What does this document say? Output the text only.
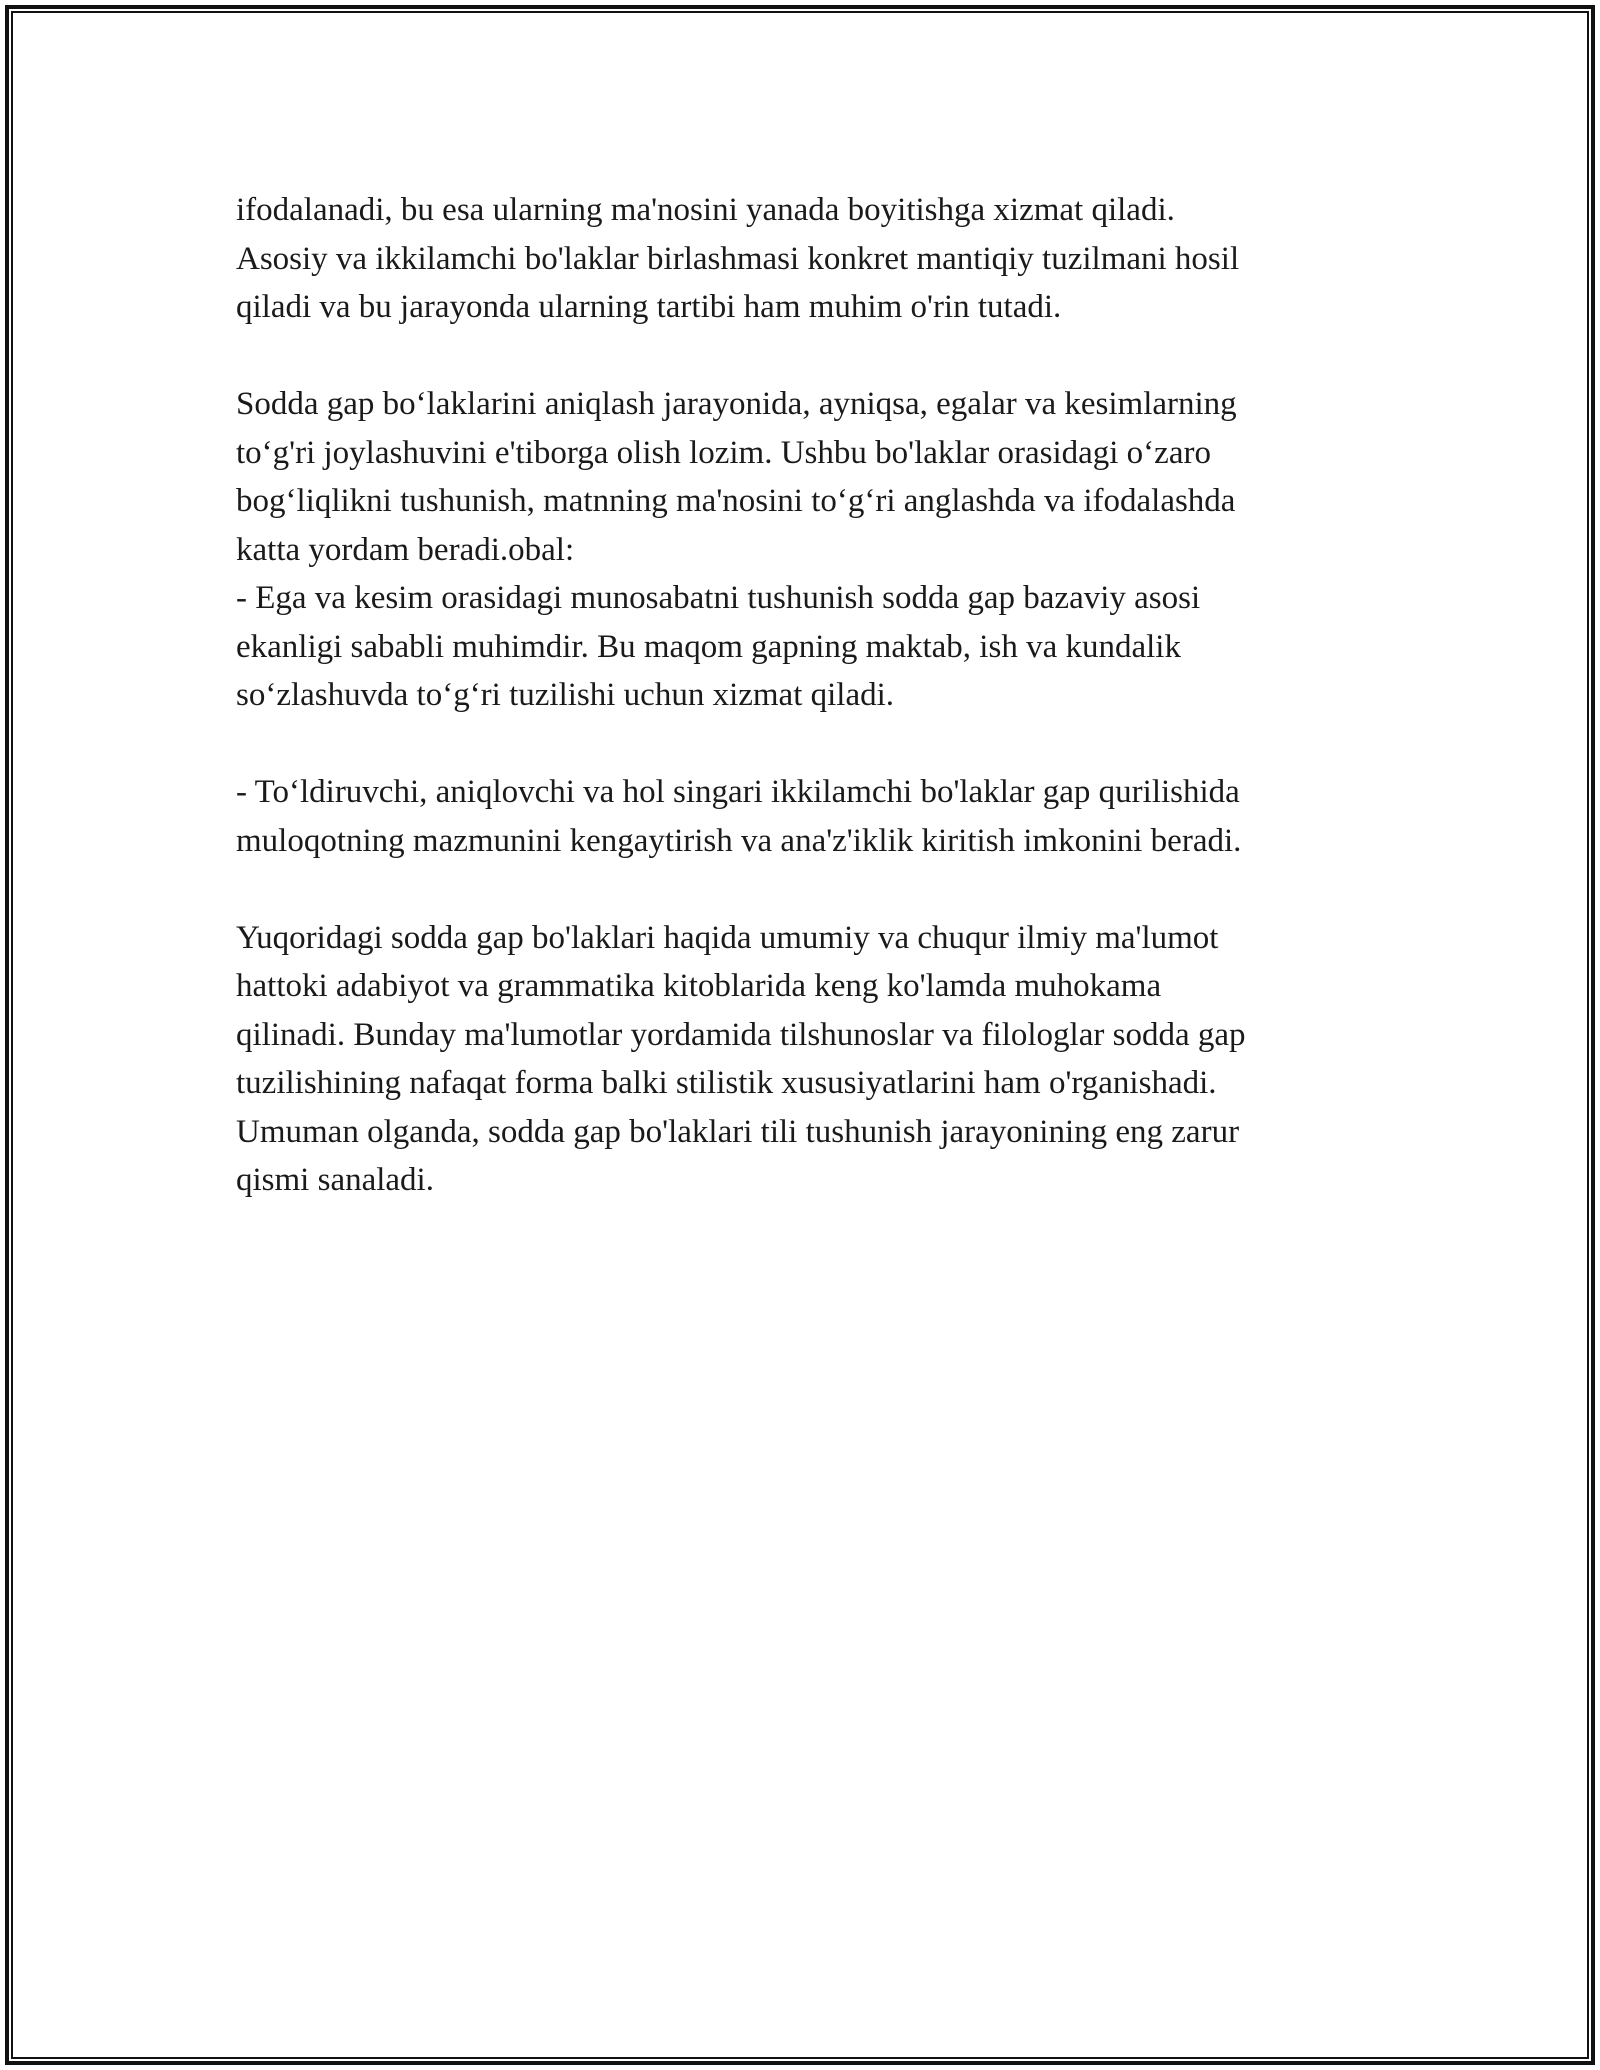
ifodalanadi, bu esa ularning ma'nosini yanada boyitishga xizmat qiladi.
Asosiy va ikkilamchi bo'laklar birlashmasi konkret mantiqiy tuzilmani hosil
qiladi va bu jarayonda ularning tartibi ham muhim o'rin tutadi.

Sodda gap boʻlaklarini aniqlash jarayonida, ayniqsa, egalar va kesimlarning
toʻg'ri joylashuvini e'tiborga olish lozim. Ushbu bo'laklar orasidagi oʻzaro
bogʻliqlikni tushunish, matnning ma'nosini toʻgʻri anglashda va ifodalashda
katta yordam beradi.obal:
- Ega va kesim orasidagi munosabatni tushunish sodda gap bazaviy asosi
ekanligi sababli muhimdir. Bu maqom gapning maktab, ish va kundalik
soʻzlashuvda toʻgʻri tuzilishi uchun xizmat qiladi.

- Toʻldiruvchi, aniqlovchi va hol singari ikkilamchi bo'laklar gap qurilishida
muloqotning mazmunini kengaytirish va ana'z'iklik kiritish imkonini beradi.

Yuqoridagi sodda gap bo'laklari haqida umumiy va chuqur ilmiy ma'lumot
hattoki adabiyot va grammatika kitoblarida keng ko'lamda muhokama
qilinadi. Bunday ma'lumotlar yordamida tilshunoslar va filologlar sodda gap
tuzilishining nafaqat forma balki stilistik xususiyatlarini ham o'rganishadi.
Umuman olganda, sodda gap bo'laklari tili tushunish jarayonining eng zarur
qismi sanaladi.
